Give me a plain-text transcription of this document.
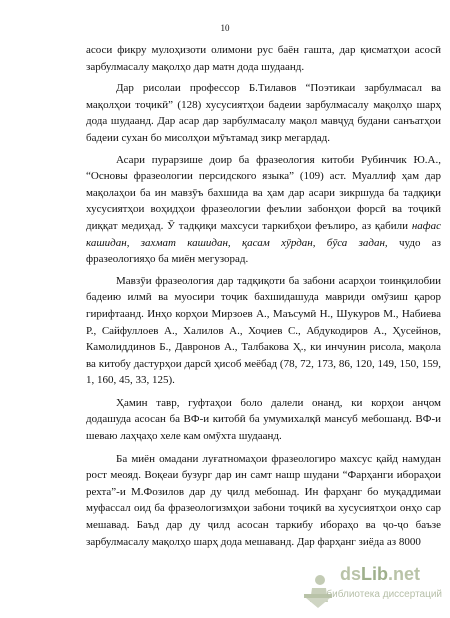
10

асоси фикру мулоҳизоти олимони рус баён гашта, дар қисматҳои асосӣ зарбулмасалу мақолҳо дар матн дода шудаанд.

Дар рисолаи профессор Б.Тилавов “Поэтикаи зарбулмасал ва мақолҳои тоҷикӣ” (128) хусусиятҳои бадеии зарбулмасалу мақолҳо шарҳ дода шудаанд. Дар асар дар зарбулмасалу мақол мавҷуд будани санъатҳои бадеии сухан бо мисолҳои мӯътамад зикр мегардад.

Асари пурарзише доир ба фразеология китоби Рубинчик Ю.А., “Основы фразеологии персидского языка” (109) аст. Муаллиф ҳам дар мақолаҳои ба ин мавзӯъ бахшида ва ҳам дар асари зикршуда ба тадқиқи хусусиятҳои воҳидҳои фразеологии феълии забонҳои форсӣ ва тоҷикӣ диққат медиҳад. Ӯ тадқиқи махсуси таркибҳои феълиро, аз қабили нафас кашидан, захмат кашидан, қасам хӯрдан, бӯса задан, чудо аз фразеологияҳо ба миён мегузорад.

Мавзӯи фразеология дар тадқиқоти ба забони асарҳои тоинқилобии бадеию илмӣ ва муосири тоҷик бахшидашуда мавриди омӯзиш қарор гирифтаанд. Инҳо корҳои Мирзоев А., Маъсумӣ Н., Шукуров М., Набиева Р., Сайфуллоев А., Халилов А., Хоҷиев С., Абдукодиров А., Ҳусейнов, Камолиддинов Б., Давронов А., Талбакова Ҳ., ки инчунин рисола, мақола ва китобу дастурҳои дарсӣ ҳисоб меёбад (78, 72, 173, 86, 120, 149, 150, 159, 1, 160, 45, 33, 125).

Ҳамин тавр, гуфтаҳои боло далели онанд, ки корҳои анҷом додашуда асосан ба ВФ-и китобӣ ба умумихалқӣ мансуб мебошанд. ВФ-и шеваю лаҳҷаҳо хеле кам омӯхта шудаанд.

Ба миён омадани луғатномаҳои фразеологиро махсус қайд намудан рост меояд. Воқеаи бузург дар ин самт нашр шудани “Фарҳанги ибораҳои рехта”-и М.Фозилов дар ду ҷилд мебошад. Ин фарҳанг бо муқаддимаи муфассал оид ба фразеологизмҳои забони тоҷикӣ ва хусусиятҳои онҳо сар мешавад. Баъд дар ду ҷилд асосан таркибу ибораҳо ва ҷо-ҷо баъзе зарбулмасалу мақолҳо шарҳ дода мешаванд. Дар фарҳанг зиёда аз 8000

dsLib.net
библиотека диссертаций
